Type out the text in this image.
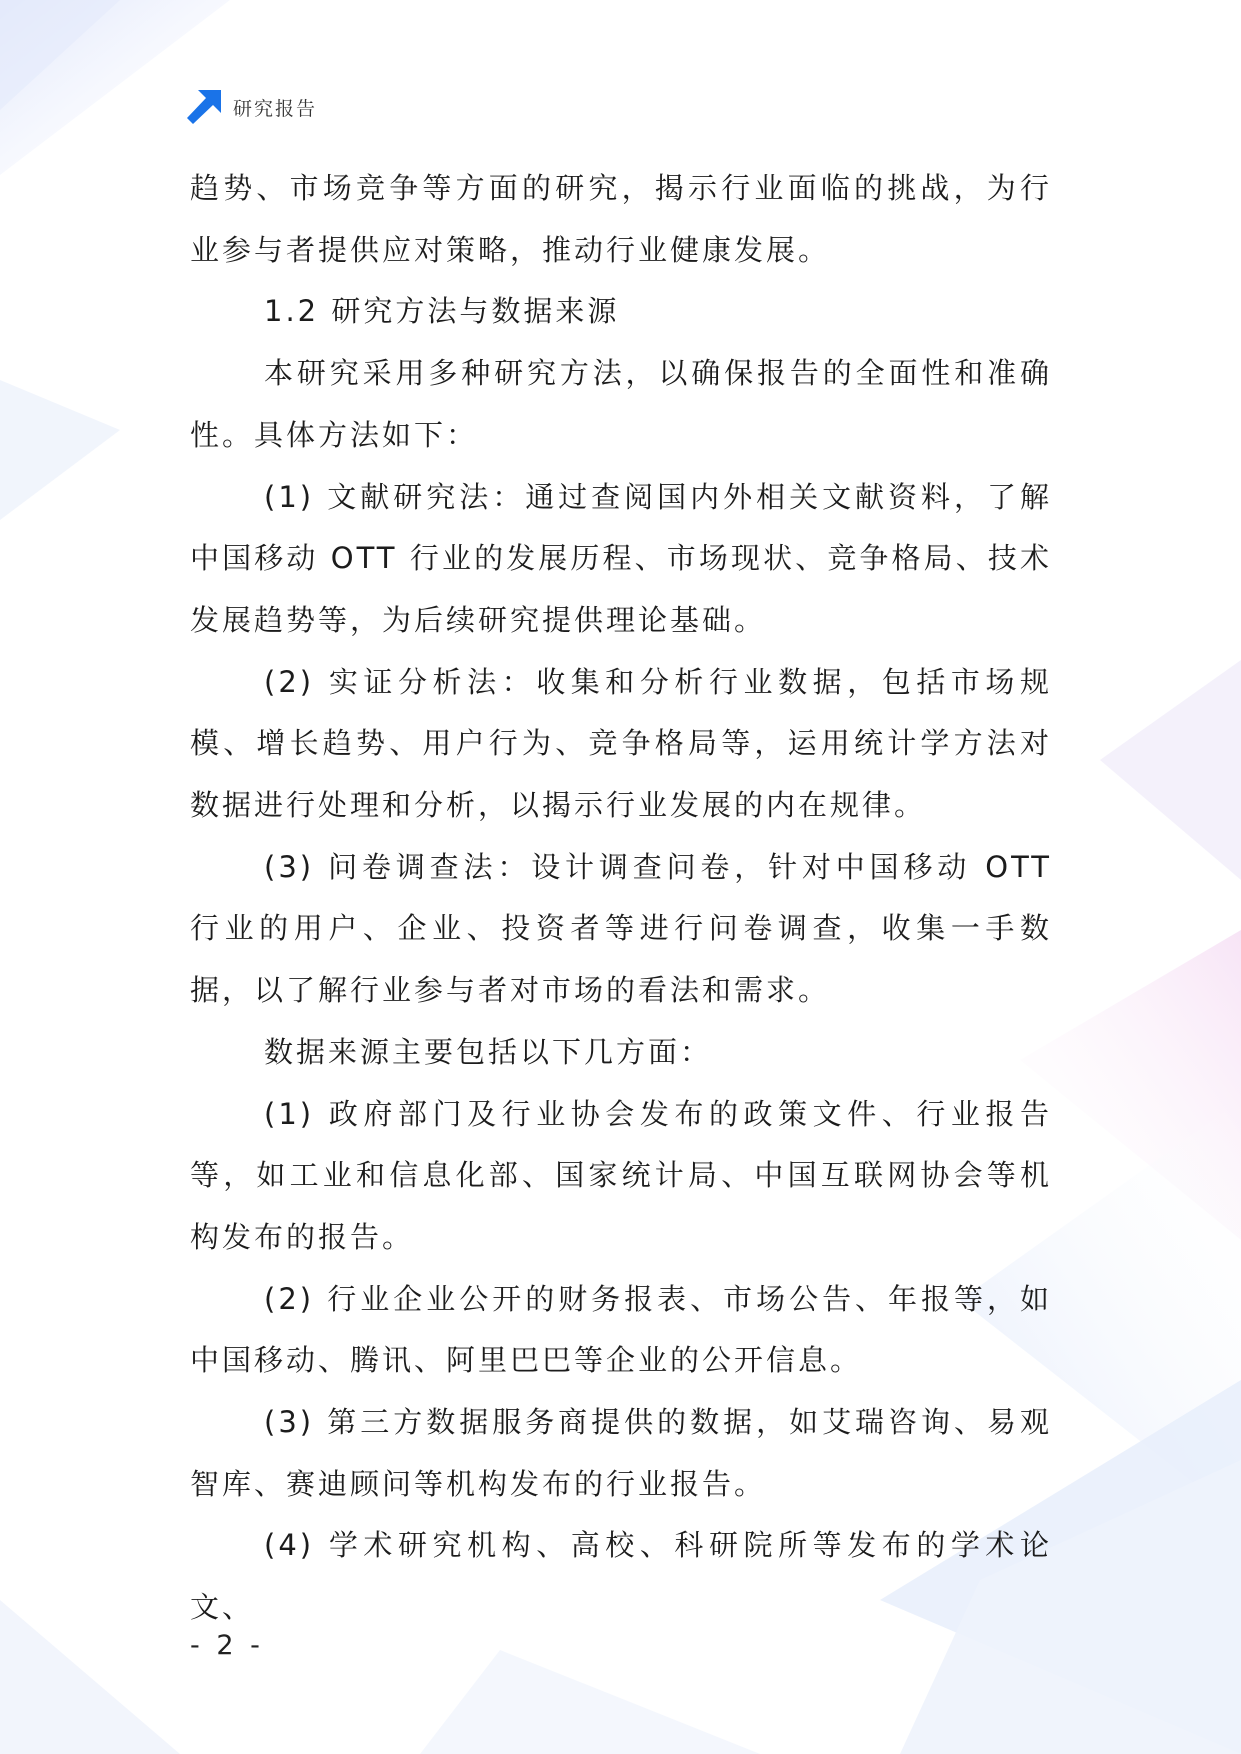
研究报告

趋势、市场竞争等方面的研究，揭示行业面临的挑战，为行业参与者提供应对策略，推动行业健康发展。

1.2 研究方法与数据来源

本研究采用多种研究方法，以确保报告的全面性和准确性。具体方法如下：

(1) 文献研究法：通过查阅国内外相关文献资料，了解中国移动 OTT 行业的发展历程、市场现状、竞争格局、技术发展趋势等，为后续研究提供理论基础。

(2) 实证分析法：收集和分析行业数据，包括市场规模、增长趋势、用户行为、竞争格局等，运用统计学方法对数据进行处理和分析，以揭示行业发展的内在规律。

(3) 问卷调查法：设计调查问卷，针对中国移动 OTT 行业的用户、企业、投资者等进行问卷调查，收集一手数据，以了解行业参与者对市场的看法和需求。

数据来源主要包括以下几方面：

(1) 政府部门及行业协会发布的政策文件、行业报告等，如工业和信息化部、国家统计局、中国互联网协会等机构发布的报告。

(2) 行业企业公开的财务报表、市场公告、年报等，如中国移动、腾讯、阿里巴巴等企业的公开信息。

(3) 第三方数据服务商提供的数据，如艾瑞咨询、易观智库、赛迪顾问等机构发布的行业报告。

(4) 学术研究机构、高校、科研院所等发布的学术论文、

- 2 -
